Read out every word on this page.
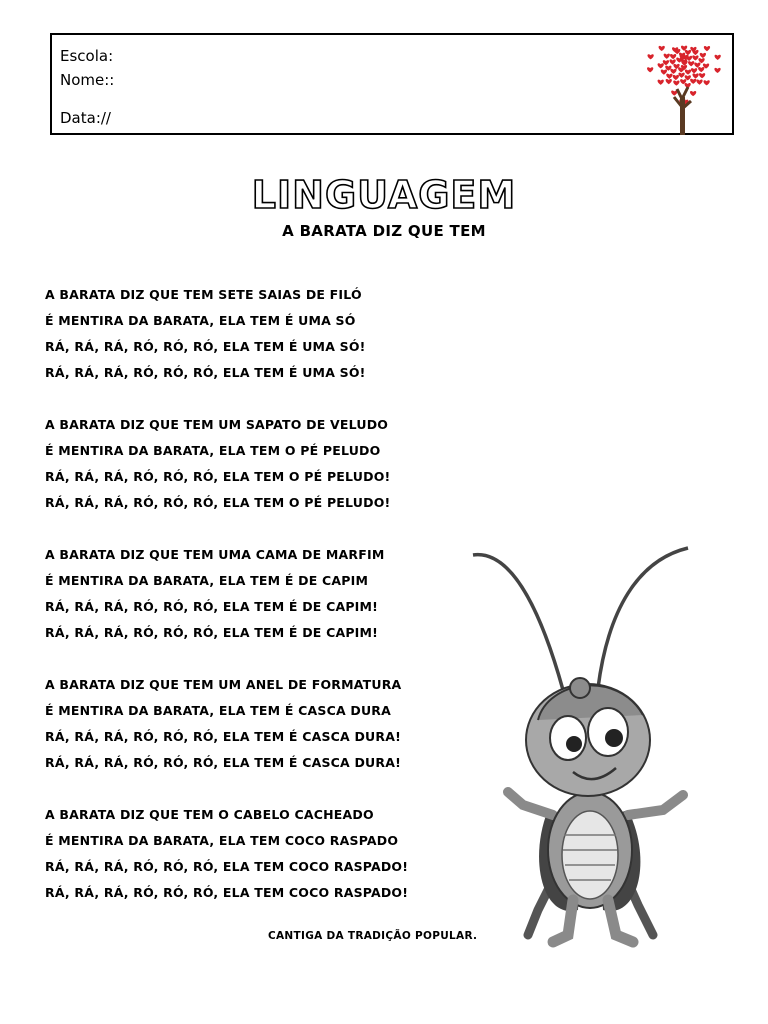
Escola:
Nome::
Data://
LINGUAGEM
A BARATA DIZ QUE TEM
A BARATA DIZ QUE TEM SETE SAIAS DE FILÓ
É MENTIRA DA BARATA, ELA TEM É UMA SÓ
RÁ, RÁ, RÁ, RÓ, RÓ, RÓ, ELA TEM É UMA SÓ!
RÁ, RÁ, RÁ, RÓ, RÓ, RÓ, ELA TEM É UMA SÓ!
A BARATA DIZ QUE TEM UM SAPATO DE VELUDO
É MENTIRA DA BARATA, ELA TEM O PÉ PELUDO
RÁ, RÁ, RÁ, RÓ, RÓ, RÓ, ELA TEM O PÉ PELUDO!
RÁ, RÁ, RÁ, RÓ, RÓ, RÓ, ELA TEM O PÉ PELUDO!
A BARATA DIZ QUE TEM UMA CAMA DE MARFIM
É MENTIRA DA BARATA, ELA TEM É DE CAPIM
RÁ, RÁ, RÁ, RÓ, RÓ, RÓ, ELA TEM É DE CAPIM!
RÁ, RÁ, RÁ, RÓ, RÓ, RÓ, ELA TEM É DE CAPIM!
A BARATA DIZ QUE TEM UM ANEL DE FORMATURA
É MENTIRA DA BARATA, ELA TEM É CASCA DURA
RÁ, RÁ, RÁ, RÓ, RÓ, RÓ, ELA TEM É CASCA DURA!
RÁ, RÁ, RÁ, RÓ, RÓ, RÓ, ELA TEM É CASCA DURA!
A BARATA DIZ QUE TEM O CABELO CACHEADO
É MENTIRA DA BARATA, ELA TEM COCO RASPADO
RÁ, RÁ, RÁ, RÓ, RÓ, RÓ, ELA TEM COCO RASPADO!
RÁ, RÁ, RÁ, RÓ, RÓ, RÓ, ELA TEM COCO RASPADO!
CANTIGA DA TRADIÇÃO POPULAR.
